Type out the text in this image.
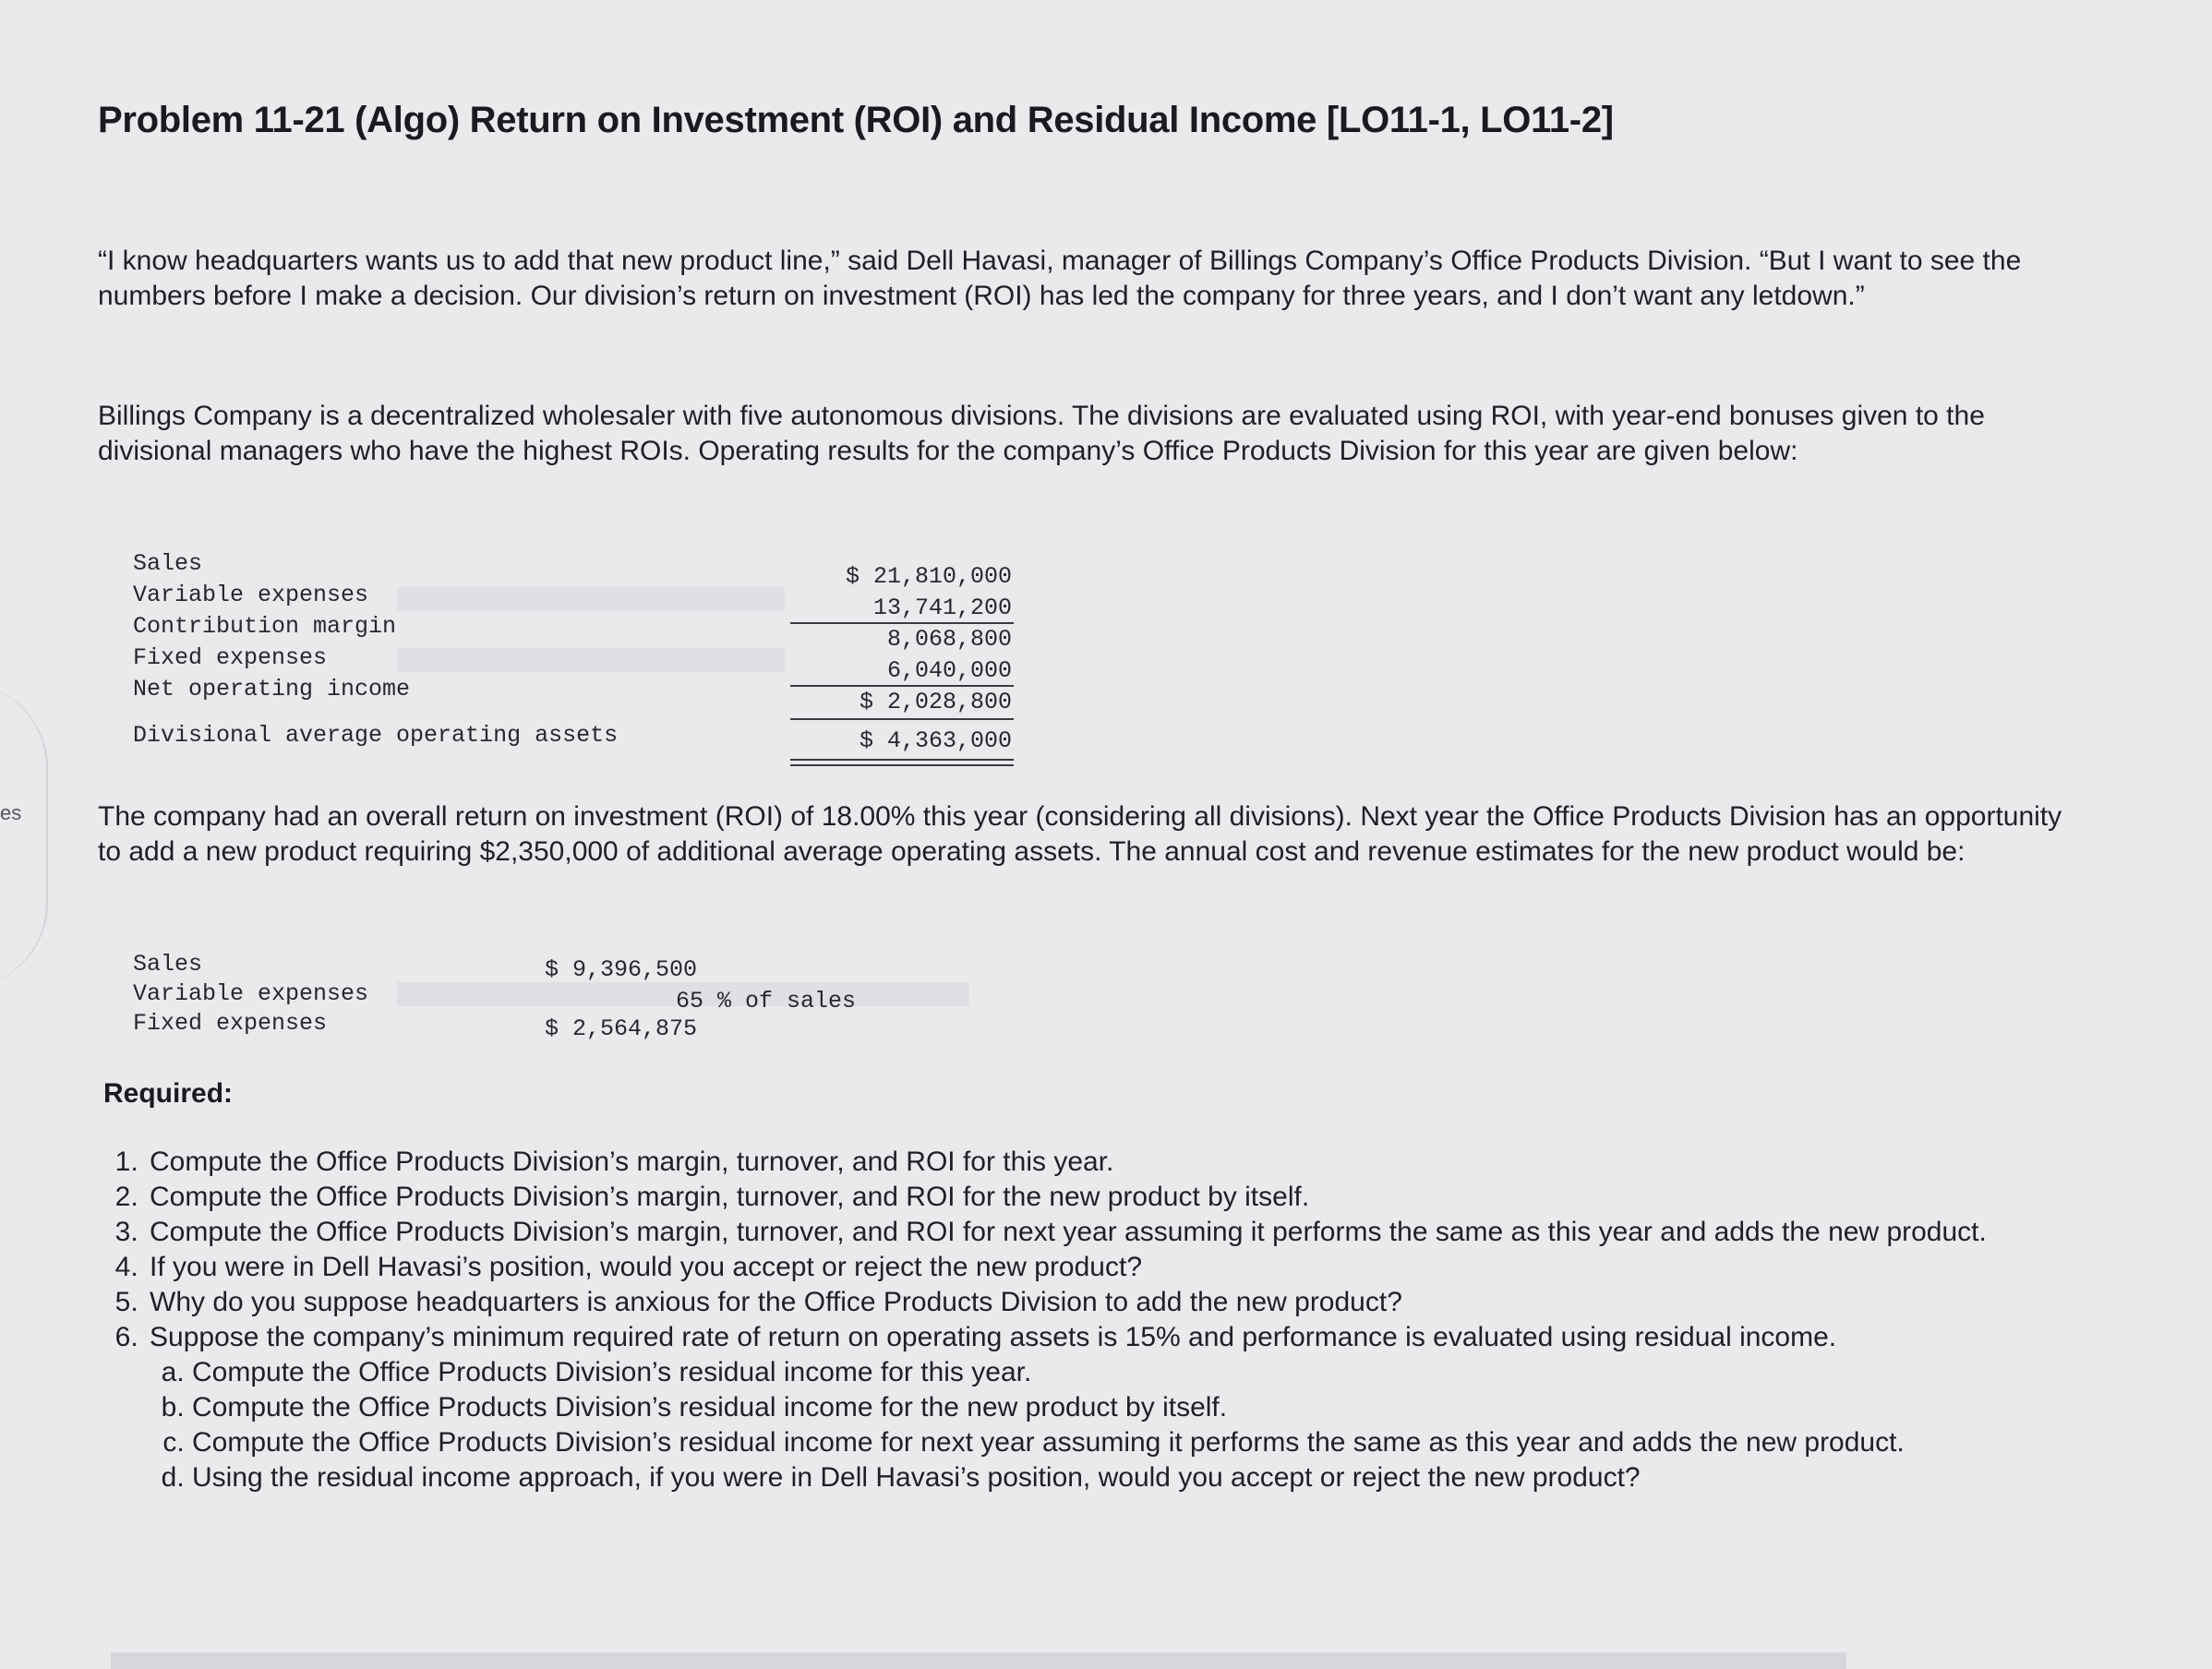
es
Problem 11-21 (Algo) Return on Investment (ROI) and Residual Income [LO11-1, LO11-2]
“I know headquarters wants us to add that new product line,” said Dell Havasi, manager of Billings Company’s Office Products Division. “But I want to see the numbers before I make a decision. Our division’s return on investment (ROI) has led the company for three years, and I don’t want any letdown.”
Billings Company is a decentralized wholesaler with five autonomous divisions. The divisions are evaluated using ROI, with year-end bonuses given to the divisional managers who have the highest ROIs. Operating results for the company’s Office Products Division for this year are given below:
Sales
Variable expenses
Contribution margin
Fixed expenses
Net operating income
Divisional average operating assets
$ 21,810,000
13,741,200
8,068,800
6,040,000
$ 2,028,800
$ 4,363,000
The company had an overall return on investment (ROI) of 18.00% this year (considering all divisions). Next year the Office Products Division has an opportunity to add a new product requiring $2,350,000 of additional average operating assets. The annual cost and revenue estimates for the new product would be:
Sales
Variable expenses
Fixed expenses
$ 9,396,500
65 % of sales
$ 2,564,875
Required:
1. Compute the Office Products Division’s margin, turnover, and ROI for this year.
2. Compute the Office Products Division’s margin, turnover, and ROI for the new product by itself.
3. Compute the Office Products Division’s margin, turnover, and ROI for next year assuming it performs the same as this year and adds the new product.
4. If you were in Dell Havasi’s position, would you accept or reject the new product?
5. Why do you suppose headquarters is anxious for the Office Products Division to add the new product?
6. Suppose the company’s minimum required rate of return on operating assets is 15% and performance is evaluated using residual income.
a. Compute the Office Products Division’s residual income for this year.
b. Compute the Office Products Division’s residual income for the new product by itself.
c. Compute the Office Products Division’s residual income for next year assuming it performs the same as this year and adds the new product.
d. Using the residual income approach, if you were in Dell Havasi’s position, would you accept or reject the new product?
